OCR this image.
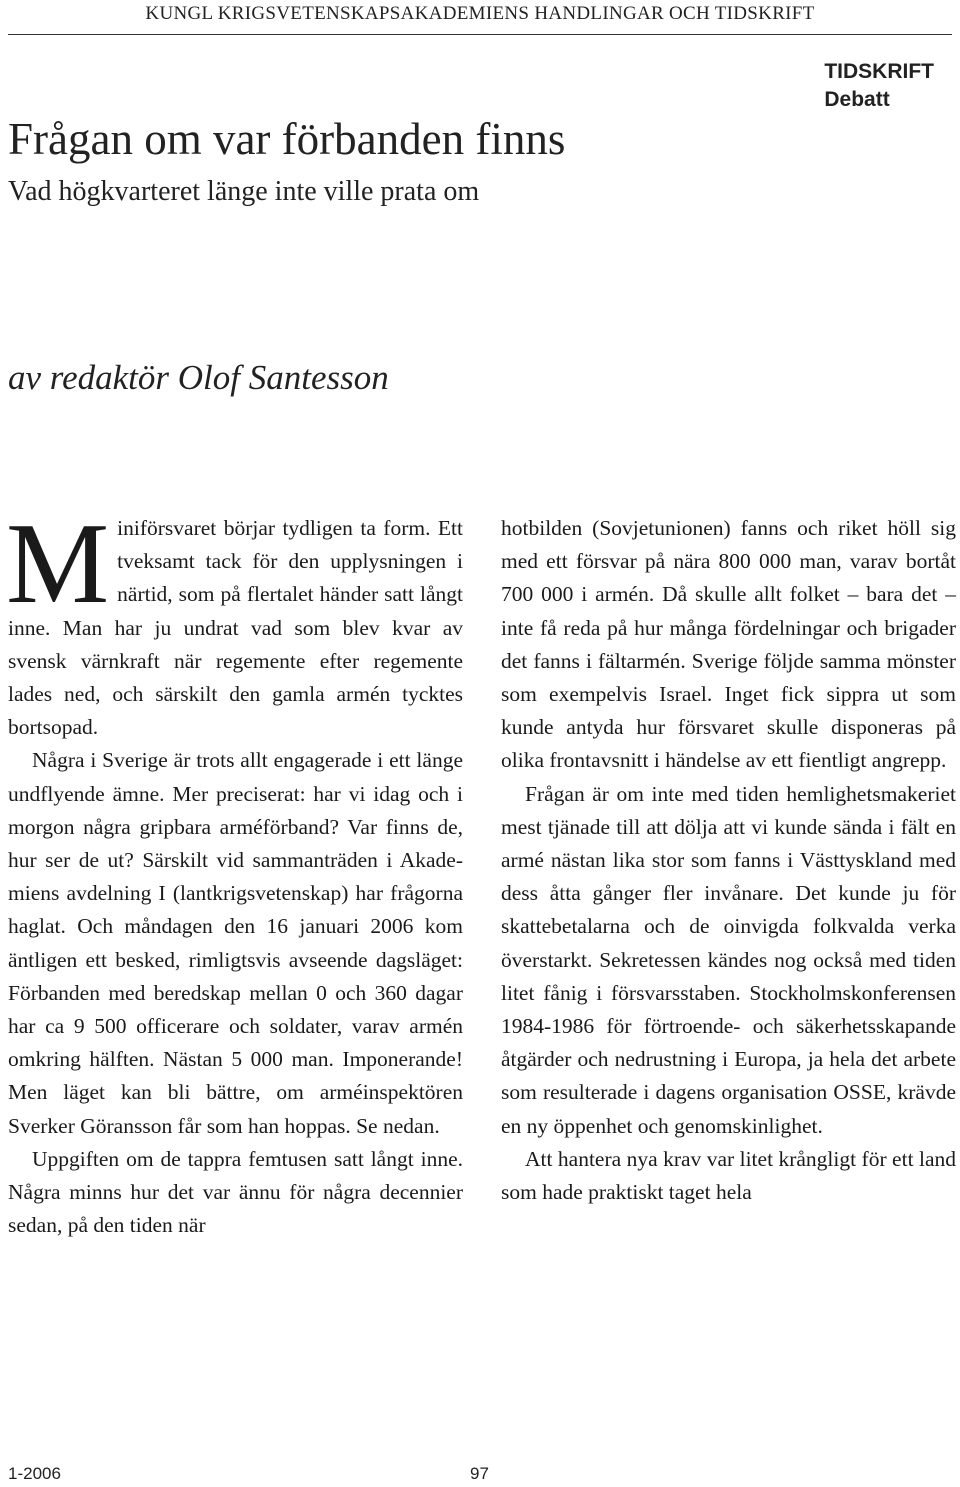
KUNGL KRIGSVETENSKAPSAKADEMIENS HANDLINGAR OCH TIDSKRIFT
TIDSKRIFT
Debatt
Frågan om var förbanden finns
Vad högkvarteret länge inte ville prata om
av redaktör Olof Santesson

Miniförsvaret börjar tydligen ta form. Ett tveksamt tack för den upplysningen i närtid, som på flertalet händer satt långt inne. Man har ju undrat vad som blev kvar av svensk värnkraft när regemente efter regemente lades ned, och särskilt den gamla armén tycktes bortsopad.

Några i Sverige är trots allt engagerade i ett länge undflyende ämne. Mer preciserat: har vi idag och i morgon några gripbara arméförband? Var finns de, hur ser de ut? Särskilt vid sammanträden i Akademiens avdelning I (lantkrigsvetenskap) har frågorna haglat. Och måndagen den 16 januari 2006 kom äntligen ett besked, rimligtsvis avseende dagsläget: Förbanden med beredskap mellan 0 och 360 dagar har ca 9 500 officerare och soldater, varav armén omkring hälften. Nästan 5 000 man. Imponerande! Men läget kan bli bättre, om arméinspektören Sverker Göransson får som han hoppas. Se nedan.

Uppgiften om de tappra femtusen satt långt inne. Några minns hur det var ännu för några decennier sedan, på den tiden när

hotbilden (Sovjetunionen) fanns och riket höll sig med ett försvar på nära 800 000 man, varav bortåt 700 000 i armén. Då skulle allt folket – bara det – inte få reda på hur många fördelningar och brigader det fanns i fältarmén. Sverige följde samma mönster som exempelvis Israel. Inget fick sippra ut som kunde antyda hur försvaret skulle disponeras på olika frontavsnitt i händelse av ett fientligt angrepp.

Frågan är om inte med tiden hemlighetsmakeriet mest tjänade till att dölja att vi kunde sända i fält en armé nästan lika stor som fanns i Västtyskland med dess åtta gånger fler invånare. Det kunde ju för skattebetalarna och de oinvigda folkvalda verka överstarkt. Sekretessen kändes nog också med tiden litet fånig i försvarsstaben. Stockholmskonferensen 1984-1986 för förtroende- och säkerhetsskapande åtgärder och nedrustning i Europa, ja hela det arbete som resulterade i dagens organisation OSSE, krävde en ny öppenhet och genomskinlighet.

Att hantera nya krav var litet krångligt för ett land som hade praktiskt taget hela

1-2006	97
